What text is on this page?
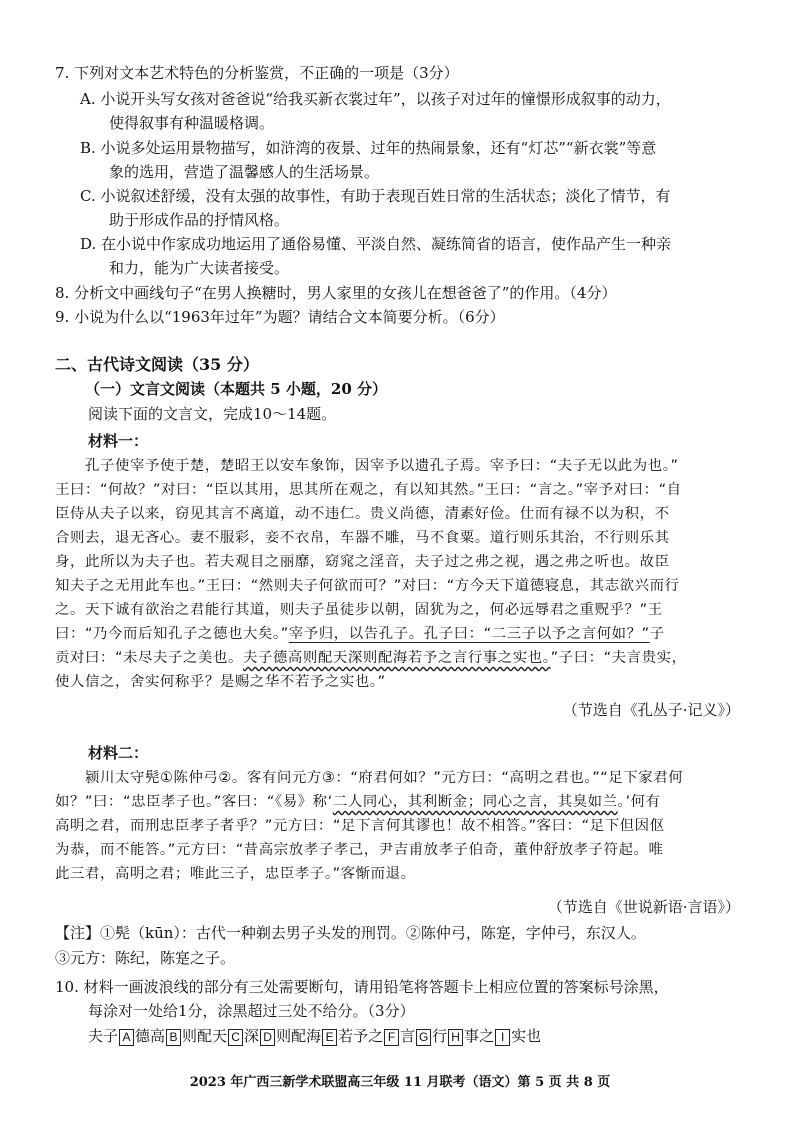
7. 下列对文本艺术特色的分析鉴赏，不正确的一项是（3分）
A. 小说开头写女孩对爸爸说“给我买新衣裳过年”，以孩子对过年的憧憬形成叙事的动力，
使得叙事有种温暖格调。
B. 小说多处运用景物描写，如浒湾的夜景、过年的热闹景象，还有“灯芯”“新衣裳”等意
象的选用，营造了温馨感人的生活场景。
C. 小说叙述舒缓，没有太强的故事性，有助于表现百姓日常的生活状态；淡化了情节，有
助于形成作品的抒情风格。
D. 在小说中作家成功地运用了通俗易懂、平淡自然、凝练简省的语言，使作品产生一种亲
和力，能为广大读者接受。
8. 分析文中画线句子“在男人换糖时，男人家里的女孩儿在想爸爸了”的作用。（4分）
9. 小说为什么以“1963年过年”为题？请结合文本简要分析。（6分）
二、古代诗文阅读（35 分）
（一）文言文阅读（本题共 5 小题，20 分）
阅读下面的文言文，完成10～14题。
材料一：
孔子使宰予使于楚，楚昭王以安车象饰，因宰予以遗孔子焉。宰予曰：“夫子无以此为也。”
王曰：“何故？”对曰：“臣以其用，思其所在观之，有以知其然。”王曰：“言之。”宰予对曰：“自
臣侍从夫子以来，窃见其言不离道，动不违仁。贵义尚德，清素好俭。仕而有禄不以为积，不
合则去，退无吝心。妻不服彩，妾不衣帛，车器不雕，马不食粟。道行则乐其治，不行则乐其
身，此所以为夫子也。若夫观目之丽靡，窈窕之淫音，夫子过之弗之视，遇之弗之听也。故臣
知夫子之无用此车也。”王曰：“然则夫子何欲而可？”对曰：“方今天下道德寝息，其志欲兴而行
之。天下诚有欲治之君能行其道，则夫子虽徒步以朝，固犹为之，何必远辱君之重贶乎？”王
曰：“乃今而后知孔子之德也大矣。”宰予归，以告孔子。孔子曰：“二三子以予之言何如？”子
贡对曰：“未尽夫子之美也。夫子德高则配天深则配海若予之言行事之实也。”子曰：“夫言贵实，
使人信之，舍实何称乎？是赐之华不若予之实也。”
（节选自《孔丛子·记义》）
材料二：
颍川太守髡①陈仲弓②。客有问元方③：“府君何如？”元方曰：“高明之君也。”“足下家君何
如？”曰：“忠臣孝子也。”客曰：“《易》称‘二人同心，其利断金；同心之言，其臭如兰。’何有
高明之君，而刑忠臣孝子者乎？”元方曰：“足下言何其谬也！故不相答。”客曰：“足下但因伛
为恭，而不能答。”元方曰：“昔高宗放孝子孝己，尹吉甫放孝子伯奇，董仲舒放孝子符起。唯
此三君，高明之君；唯此三子，忠臣孝子。”客惭而退。
（节选自《世说新语·言语》）
【注】①髡（kūn）：古代一种剃去男子头发的刑罚。②陈仲弓，陈寔，字仲弓，东汉人。
③元方：陈纪，陈寔之子。
10. 材料一画波浪线的部分有三处需要断句，请用铅笔将答题卡上相应位置的答案标号涂黑，
每涂对一处给1分，涂黑超过三处不给分。（3分）
夫子 A 德高 B 则配天 C 深 D 则配海 E 若予之 F 言 G 行 H 事之 I 实也
2023 年广西三新学术联盟高三年级 11 月联考（语文）第 5 页 共 8 页
